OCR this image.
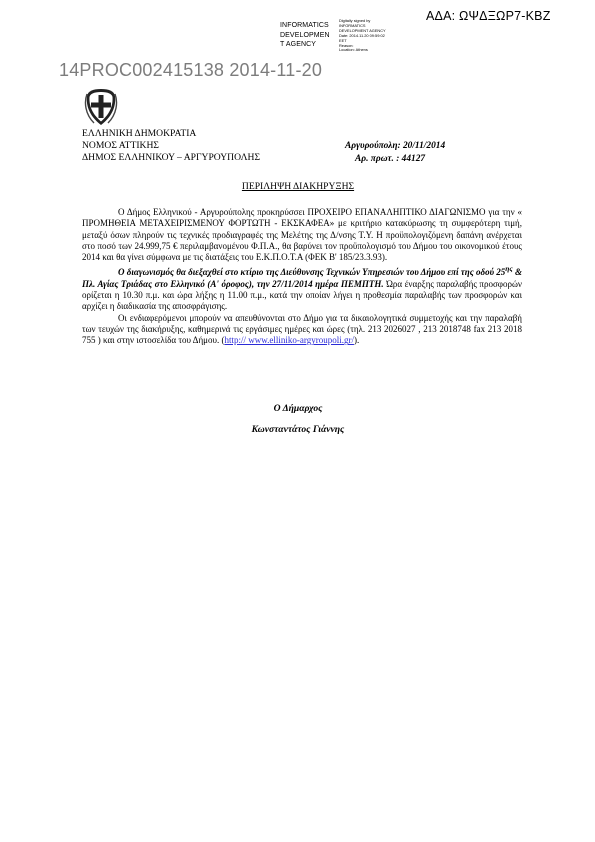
ΑΔΑ: ΩΨΔΞΩΡ7-ΚΒΖ
INFORMATICS
DEVELOPMEN
T AGENCY
Digitally signed by
INFORMATICS
DEVELOPMENT AGENCY
Date: 2014.11.20 09:59:02
EET
Reason:
Location: Athens
14PROC002415138 2014-11-20
ΕΛΛΗΝΙΚΗ ΔΗΜΟΚΡΑΤΙΑ
ΝΟΜΟΣ ΑΤΤΙΚΗΣ
ΔΗΜΟΣ ΕΛΛΗΝΙΚΟΥ – ΑΡΓΥΡΟΥΠΟΛΗΣ
Αργυρούπολη: 20/11/2014
Αρ. πρωτ. : 44127
ΠΕΡΙΛΗΨΗ ΔΙΑΚΗΡΥΞΗΣ

Ο Δήμος Ελληνικού - Αργυρούπολης προκηρύσσει ΠΡΟΧΕΙΡΟ ΕΠΑΝΑΛΗΠΤΙΚΟ ΔΙΑΓΩΝΙΣΜΟ για την « ΠΡΟΜΗΘΕΙΑ ΜΕΤΑΧΕΙΡΙΣΜΕΝΟΥ ΦΟΡΤΩΤΗ - ΕΚΣΚΑΦΕΑ» με κριτήριο κατακύρωσης τη συμφερότερη τιμή, μεταξύ όσων πληρούν τις τεχνικές προδιαγραφές της Μελέτης της Δ/νσης Τ.Υ. Η προϋπολογιζόμενη δαπάνη ανέρχεται στο ποσό των 24.999,75 € περιλαμβανομένου Φ.Π.Α., θα βαρύνει τον προϋπολογισμό του Δήμου του οικονομικού έτους 2014 και θα γίνει σύμφωνα με τις διατάξεις του Ε.Κ.Π.Ο.Τ.Α (ΦΕΚ Β' 185/23.3.93).

Ο διαγωνισμός θα διεξαχθεί στο κτίριο της Διεύθυνσης Τεχνικών Υπηρεσιών του Δήμου επί της οδού $25^{\eta\varsigma}$ & Πλ. Αγίας Τριάδας στο Ελληνικό (Α' όροφος), την 27/11/2014 ημέρα ΠΕΜΠΤΗ. Ώρα έναρξης παραλαβής προσφορών ορίζεται η 10.30 π.μ. και ώρα λήξης η 11.00 π.μ., κατά την οποίαν λήγει η προθεσμία παραλαβής των προσφορών και αρχίζει η διαδικασία της αποσφράγισης.

Οι ενδιαφερόμενοι μπορούν να απευθύνονται στο Δήμο για τα δικαιολογητικά συμμετοχής και την παραλαβή των τευχών της διακήρυξης, καθημερινά τις εργάσιμες ημέρες και ώρες (τηλ. 213 2026027 , 213 2018748 fax 213 2018 755 ) και στην ιστοσελίδα του Δήμου. (http:// www.elliniko-argyroupoli.gr/).

Ο Δήμαρχος
Κωνσταντάτος Γιάννης
